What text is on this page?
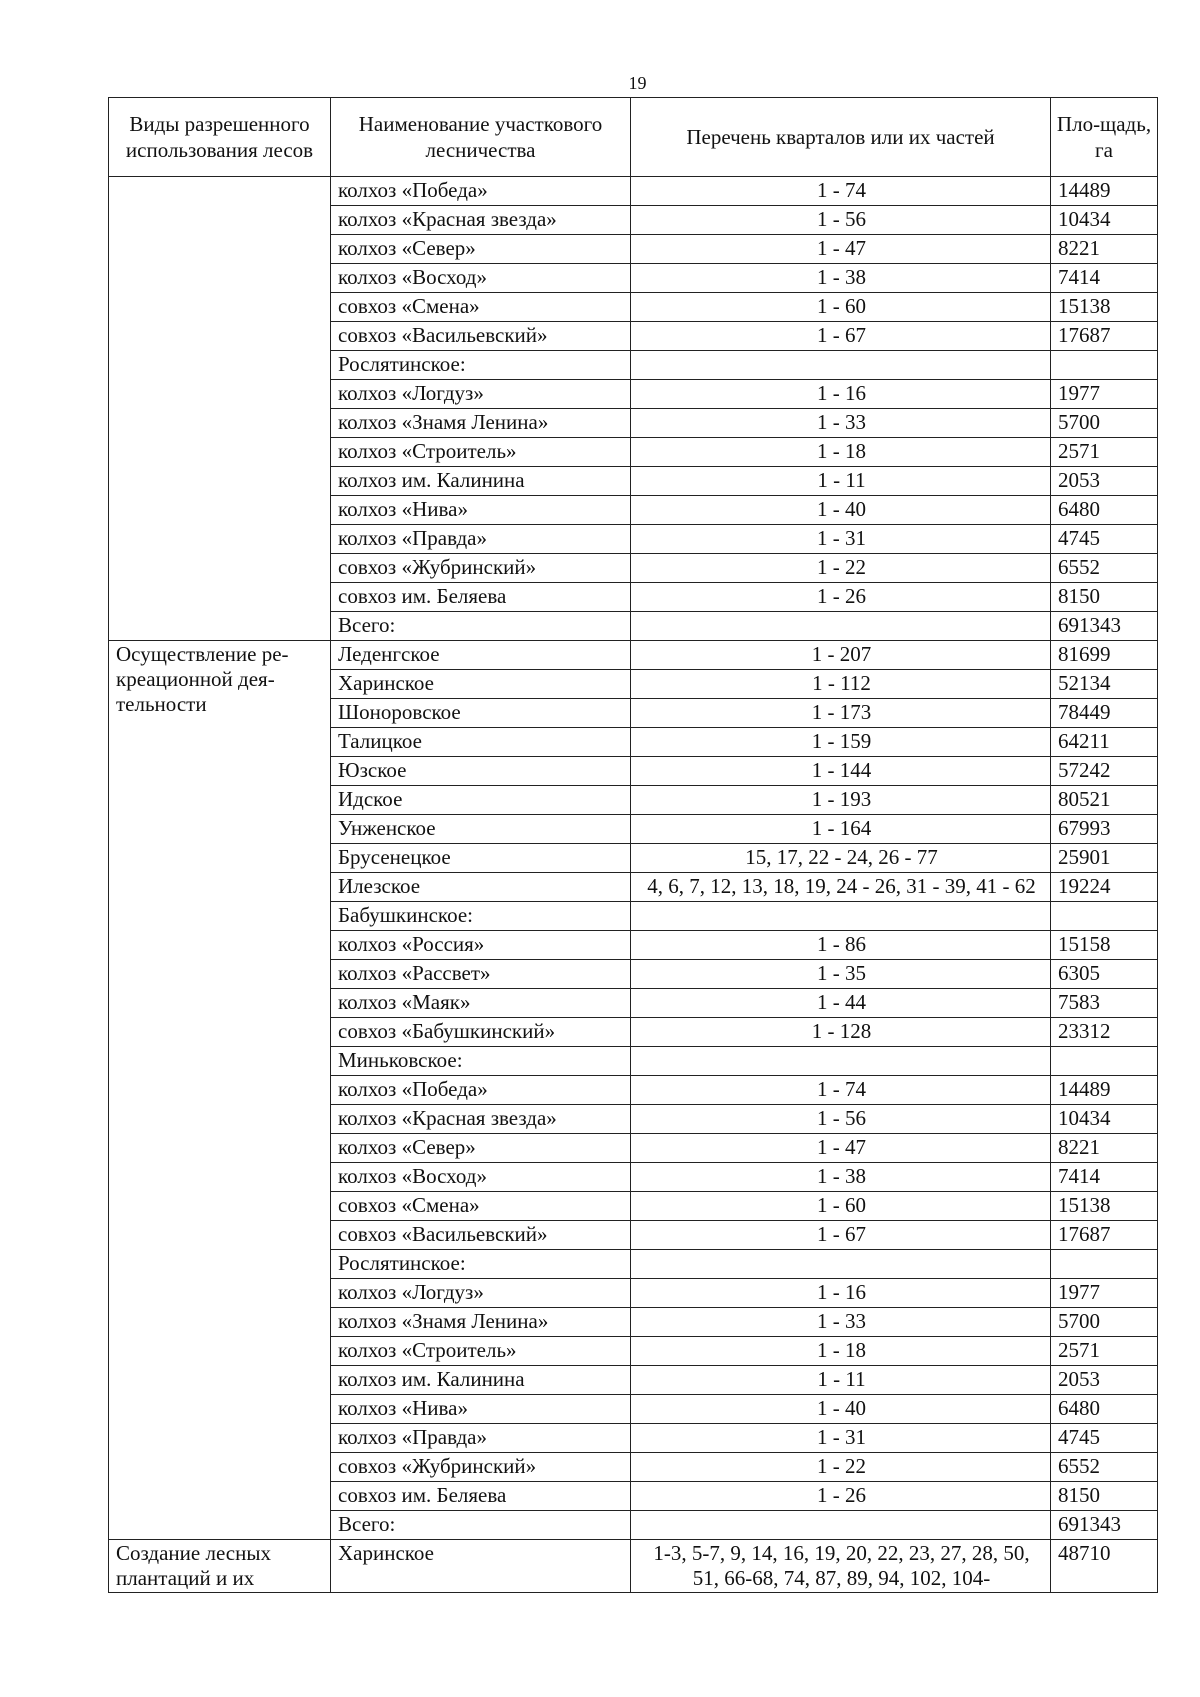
19
Виды разрешенного использования лесов	Наименование участкового лесничества	Перечень кварталов или их частей	Пло-щадь, га
	колхоз «Победа»	1 - 74	14489
	колхоз «Красная звезда»	1 - 56	10434
	колхоз «Север»	1 - 47	8221
	колхоз «Восход»	1 - 38	7414
	совхоз «Смена»	1 - 60	15138
	совхоз «Васильевский»	1 - 67	17687
	Рослятинское:		
	колхоз «Логдуз»	1 - 16	1977
	колхоз «Знамя Ленина»	1 - 33	5700
	колхоз «Строитель»	1 - 18	2571
	колхоз им. Калинина	1 - 11	2053
	колхоз «Нива»	1 - 40	6480
	колхоз «Правда»	1 - 31	4745
	совхоз «Жубринский»	1 - 22	6552
	совхоз им. Беляева	1 - 26	8150
	Всего:		691343

Осуществление ре-
креационной дея-
тельности	Леденгское	1 - 207	81699
	Харинское	1 - 112	52134
	Шоноровское	1 - 173	78449
	Талицкое	1 - 159	64211
	Юзское	1 - 144	57242
	Идское	1 - 193	80521
	Унженское	1 - 164	67993
	Брусенецкое	15, 17, 22 - 24, 26 - 77	25901
	Илезское	4, 6, 7, 12, 13, 18, 19, 24 - 26, 31 - 39, 41 - 62	19224
	Бабушкинское:		
	колхоз «Россия»	1 - 86	15158
	колхоз «Рассвет»	1 - 35	6305
	колхоз «Маяк»	1 - 44	7583
	совхоз «Бабушкинский»	1 - 128	23312
	Миньковское:		
	колхоз «Победа»	1 - 74	14489
	колхоз «Красная звезда»	1 - 56	10434
	колхоз «Север»	1 - 47	8221
	колхоз «Восход»	1 - 38	7414
	совхоз «Смена»	1 - 60	15138
	совхоз «Васильевский»	1 - 67	17687
	Рослятинское:		
	колхоз «Логдуз»	1 - 16	1977
	колхоз «Знамя Ленина»	1 - 33	5700
	колхоз «Строитель»	1 - 18	2571
	колхоз им. Калинина	1 - 11	2053
	колхоз «Нива»	1 - 40	6480
	колхоз «Правда»	1 - 31	4745
	совхоз «Жубринский»	1 - 22	6552
	совхоз им. Беляева	1 - 26	8150
	Всего:		691343

Создание лесных
плантаций и их	Харинское	1-3, 5-7, 9, 14, 16, 19, 20, 22, 23, 27, 28, 50, 51, 66-68, 74, 87, 89, 94, 102, 104-	48710
